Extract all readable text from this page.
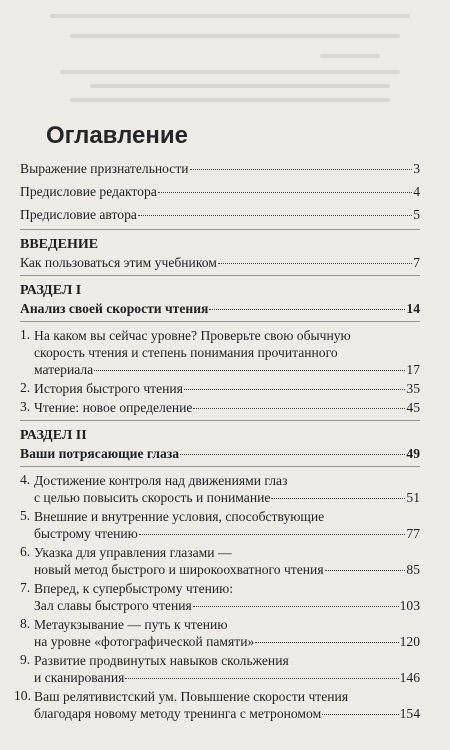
Оглавление
Выражение признательности	3
Предисловие редактора	4
Предисловие автора	5
ВВЕДЕНИЕ
Как пользоваться этим учебником	7
РАЗДЕЛ I
Анализ своей скорости чтения	14
1. На каком вы сейчас уровне? Проверьте свою обычную
скорость чтения и степень понимания прочитанного
материала	17
2. История быстрого чтения	35
3. Чтение: новое определение	45
РАЗДЕЛ II
Ваши потрясающие глаза	49
4. Достижение контроля над движениями глаз
с целью повысить скорость и понимание	51
5. Внешние и внутренние условия, способствующие
быстрому чтению	77
6. Указка для управления глазами —
новый метод быстрого и широкоохватного чтения	85
7. Вперед, к супербыстрому чтению:
Зал славы быстрого чтения	103
8. Метаукзывание — путь к чтению
на уровне «фотографической памяти»	120
9. Развитие продвинутых навыков скольжения
и сканирования	146
10. Ваш релятивистский ум. Повышение скорости чтения
благодаря новому методу тренинга с метрономом	154
